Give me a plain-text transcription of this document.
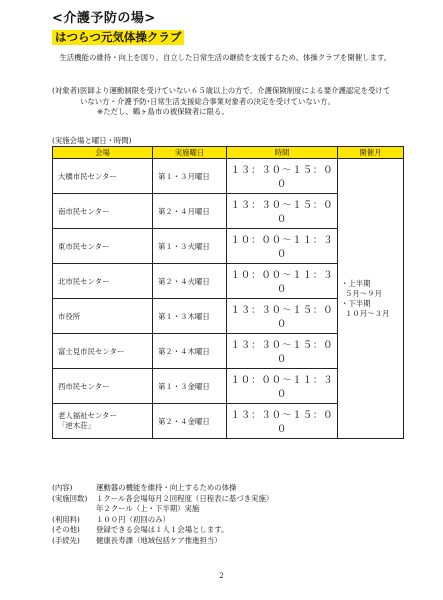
<介護予防の場>
はつらつ元気体操クラブ
生活機能の維持・向上を図り、自立した日常生活の継続を支援するため、体操クラブを開催します。
(対象者) 医師より運動制限を受けていない６５歳以上の方で、介護保険制度による要介護認定を受けていない方・介護予防･日常生活支援総合事業対象者の決定を受けていない方。
※ただし、鶴ヶ島市の被保険者に限る。
(実施会場と曜日・時間)
会場	実施曜日	時間	開催月
大橋市民センター	第１・３月曜日	１３：３０～１５：００	・上半期
５月～９月
・下半期
１０月～３月

南市民センター	第２・４月曜日	１３：３０～１５：００	
東市民センター	第１・３火曜日	１０：００～１１：３０	
北市民センター	第２・４火曜日	１０：００～１１：３０	
市役所	第１・３木曜日	１３：３０～１５：００	
富士見市民センター	第２・４木曜日	１３：３０～１５：００	
西市民センター	第１・３金曜日	１０：００～１１：３０	

老人福祉センター
「逆木荘」	第２・４金曜日	１３：３０～１５：００	
(内容)	運動器の機能を維持・向上するための体操
(実施回数)	１クール各会場毎月２回程度（日程表に基づき実施）
年２クール（上・下半期）実施
(利用料)	１００円（初回のみ）
(その他)	登録できる会場は１人１会場とします。
(手続先)	健康長寿課（地域包括ケア推進担当）
2
